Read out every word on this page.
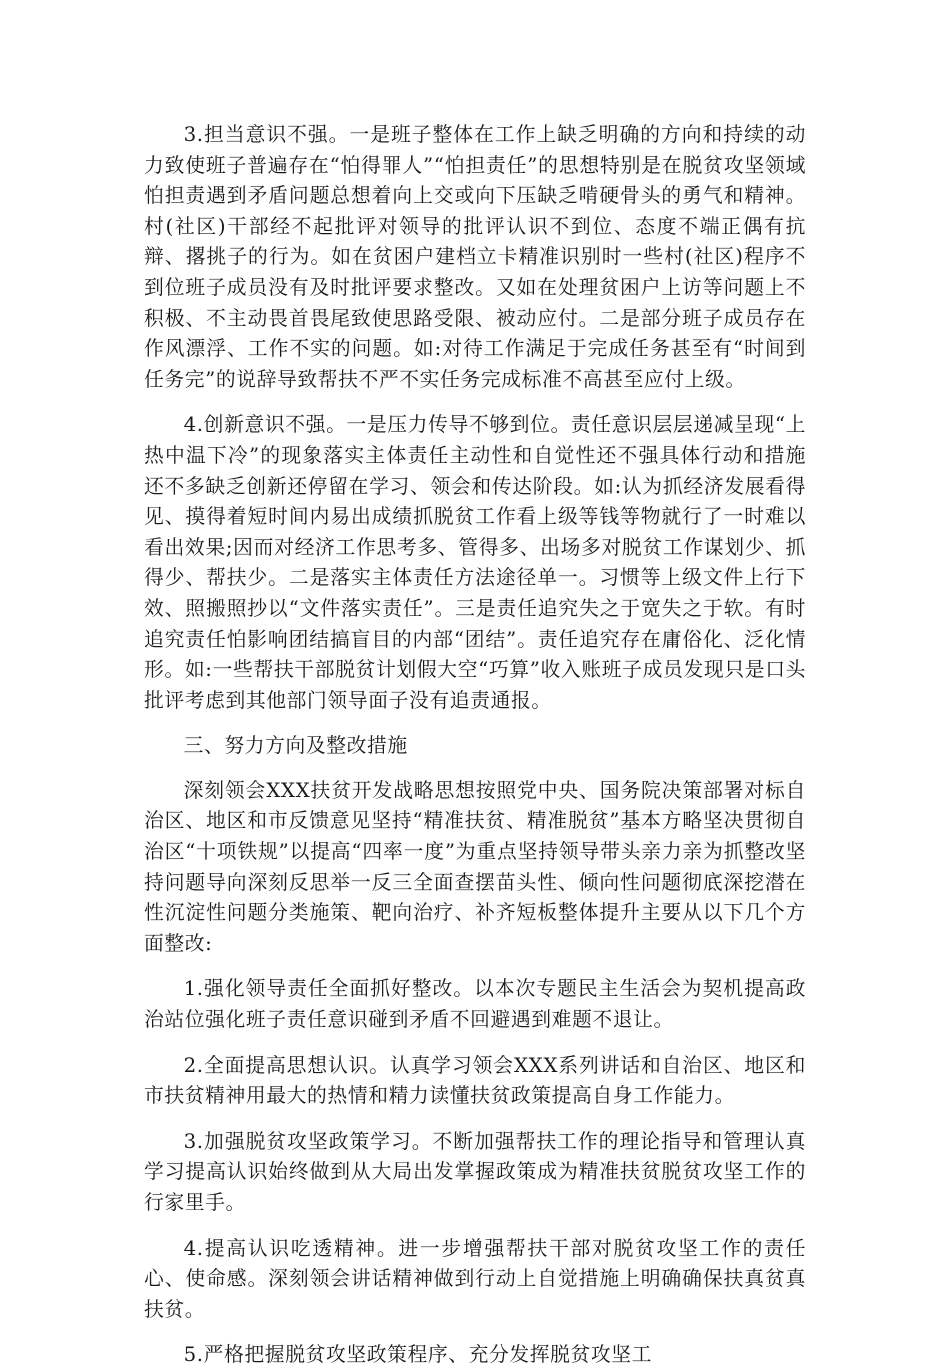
3.担当意识不强。一是班子整体在工作上缺乏明确的方向和持续的动力致使班子普遍存在“怕得罪人”“怕担责任”的思想特别是在脱贫攻坚领域怕担责遇到矛盾问题总想着向上交或向下压缺乏啃硬骨头的勇气和精神。村(社区)干部经不起批评对领导的批评认识不到位、态度不端正偶有抗辩、撂挑子的行为。如在贫困户建档立卡精准识别时一些村(社区)程序不到位班子成员没有及时批评要求整改。又如在处理贫困户上访等问题上不积极、不主动畏首畏尾致使思路受限、被动应付。二是部分班子成员存在作风漂浮、工作不实的问题。如:对待工作满足于完成任务甚至有“时间到任务完”的说辞导致帮扶不严不实任务完成标准不高甚至应付上级。

4.创新意识不强。一是压力传导不够到位。责任意识层层递减呈现“上热中温下冷”的现象落实主体责任主动性和自觉性还不强具体行动和措施还不多缺乏创新还停留在学习、领会和传达阶段。如:认为抓经济发展看得见、摸得着短时间内易出成绩抓脱贫工作看上级等钱等物就行了一时难以看出效果;因而对经济工作思考多、管得多、出场多对脱贫工作谋划少、抓得少、帮扶少。二是落实主体责任方法途径单一。习惯等上级文件上行下效、照搬照抄以“文件落实责任”。三是责任追究失之于宽失之于软。有时追究责任怕影响团结搞盲目的内部“团结”。责任追究存在庸俗化、泛化情形。如:一些帮扶干部脱贫计划假大空“巧算”收入账班子成员发现只是口头批评考虑到其他部门领导面子没有追责通报。

三、努力方向及整改措施

深刻领会XXX扶贫开发战略思想按照党中央、国务院决策部署对标自治区、地区和市反馈意见坚持“精准扶贫、精准脱贫”基本方略坚决贯彻自治区“十项铁规”以提高“四率一度”为重点坚持领导带头亲力亲为抓整改坚持问题导向深刻反思举一反三全面查摆苗头性、倾向性问题彻底深挖潜在性沉淀性问题分类施策、靶向治疗、补齐短板整体提升主要从以下几个方面整改:

1.强化领导责任全面抓好整改。以本次专题民主生活会为契机提高政治站位强化班子责任意识碰到矛盾不回避遇到难题不退让。

2.全面提高思想认识。认真学习领会XXX系列讲话和自治区、地区和市扶贫精神用最大的热情和精力读懂扶贫政策提高自身工作能力。

3.加强脱贫攻坚政策学习。不断加强帮扶工作的理论指导和管理认真学习提高认识始终做到从大局出发掌握政策成为精准扶贫脱贫攻坚工作的行家里手。

4.提高认识吃透精神。进一步增强帮扶干部对脱贫攻坚工作的责任心、使命感。深刻领会讲话精神做到行动上自觉措施上明确确保扶真贫真扶贫。

5.严格把握脱贫攻坚政策程序、充分发挥脱贫攻坚工
